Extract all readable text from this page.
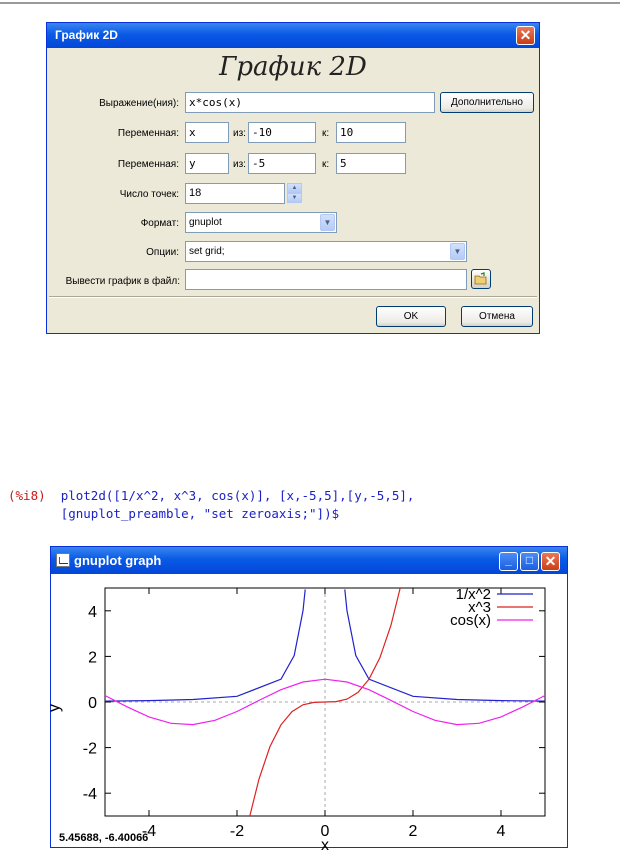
График 2D	✕
График 2D
Выражение(ния): x*cos(x)	Дополнительно
Переменная: x	из: -10	к: 10
Переменная: y	из: -5	к: 5
Число точек: 18	▲
▼
Формат:	gnuplot	▼
Опции:	set grid;	▼
Вывести график в файл:
OK	Отмена
(%i8) plot2d([1/x^2, x^3, cos(x)], [x,-5,5],[y,-5,5],
[gnuplot_preamble, "set zeroaxis;"])$
gnuplot graph	_	□ ✕
-4	-2	0	2	4
-4
-2
0
2
4
1/x^2
x^3
cos(x)
x
y
5.45688, -6.40066
